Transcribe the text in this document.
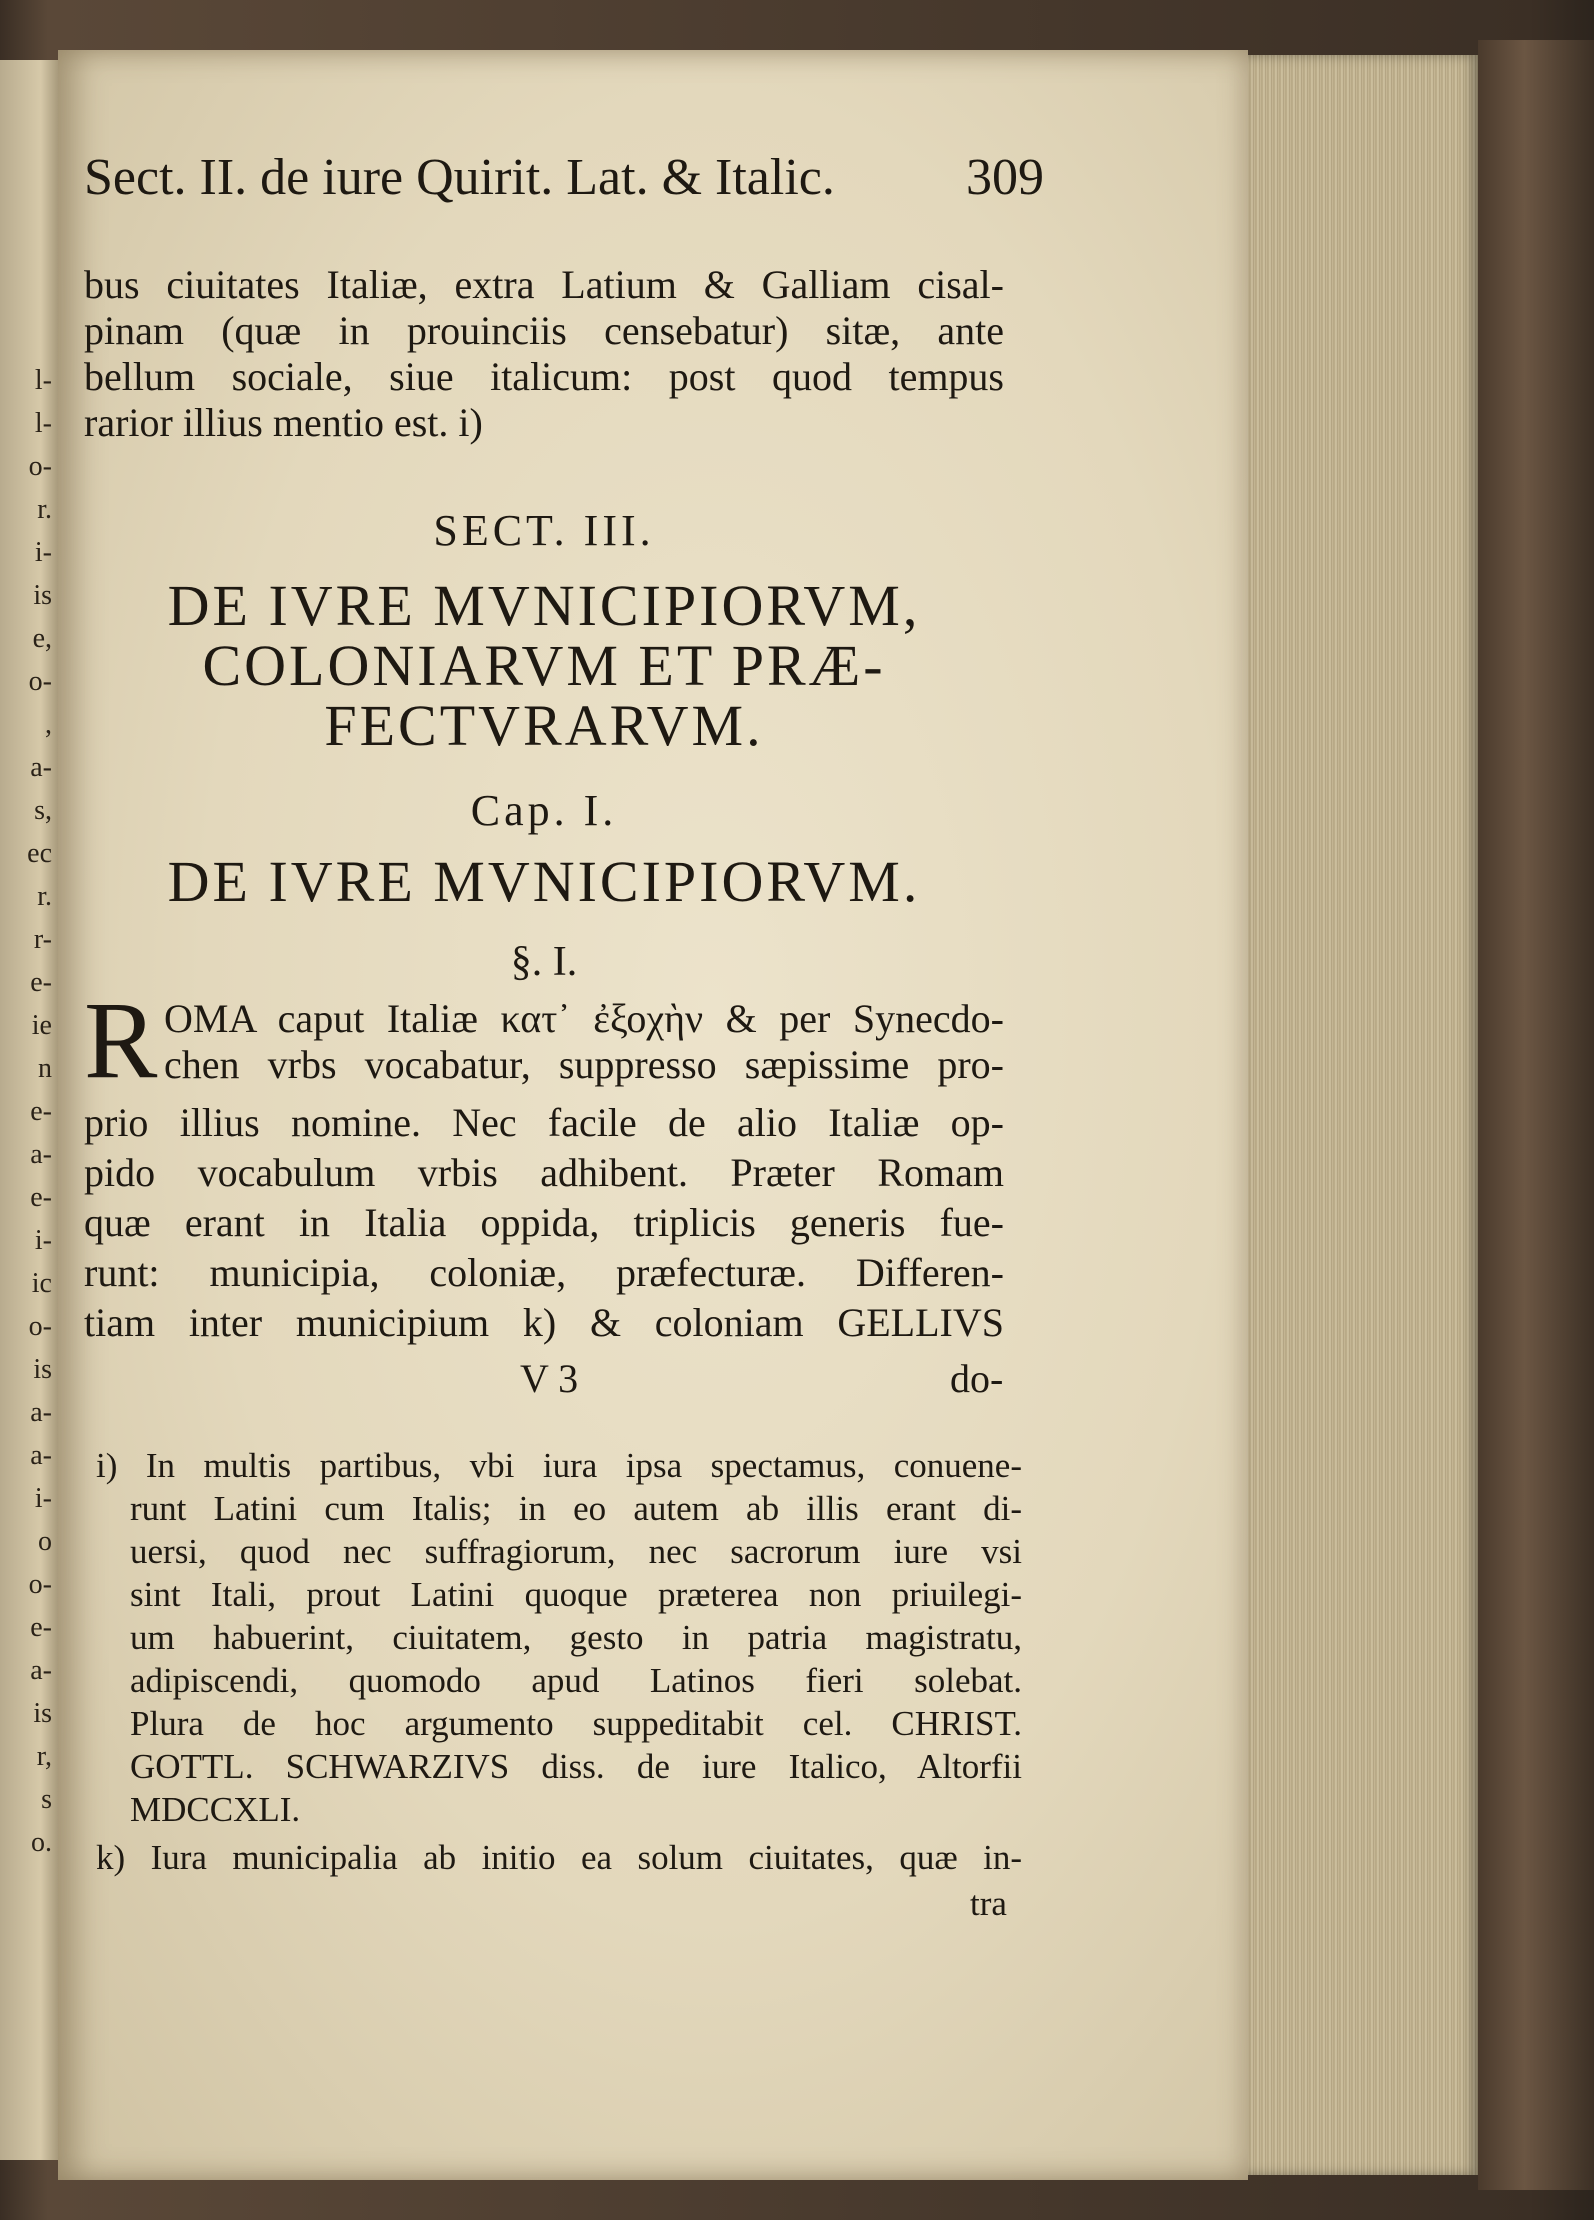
l-
l-
o-
r.
i-
is
e,
o-
,
a-
s,
ec
r.
r-
e-
ie
n
e-
a-
e-
i-
ic
o-
is
a-
a-
i-
o
o-
e-
a-
is
r,
s
o.
Sect. II. de iure Quirit. Lat. & Italic.	309
bus ciuitates Italiæ, extra Latium & Galliam cisal-
pinam (quæ in prouinciis censebatur) sitæ, ante
bellum sociale, siue italicum: post quod tempus
rarior illius mentio est. i)
SECT. III.
DE IVRE MVNICIPIORVM,
COLONIARVM ET PRÆ-
FECTVRARVM.
Cap. I.
DE IVRE MVNICIPIORVM.
§. I.
R OMA caput Italiæ κατ᾽ ἐξοχὴν & per Synecdo-
chen vrbs vocabatur, suppresso sæpissime pro-
prio illius nomine. Nec facile de alio Italiæ op-
pido vocabulum vrbis adhibent. Præter Romam
quæ erant in Italia oppida, triplicis generis fue-
runt: municipia, coloniæ, præfecturæ. Differen-
tiam inter municipium k) & coloniam GELLIVS
V 3	do-
i) In multis partibus, vbi iura ipsa spectamus, conuene-
runt Latini cum Italis; in eo autem ab illis erant di-
uersi, quod nec suffragiorum, nec sacrorum iure vsi
sint Itali, prout Latini quoque præterea non priuilegi-
um habuerint, ciuitatem, gesto in patria magistratu,
adipiscendi, quomodo apud Latinos fieri solebat.
Plura de hoc argumento suppeditabit cel. CHRIST.
GOTTL. SCHWARZIVS diss. de iure Italico, Altorfii
MDCCXLI.
k) Iura municipalia ab initio ea solum ciuitates, quæ in-
tra
